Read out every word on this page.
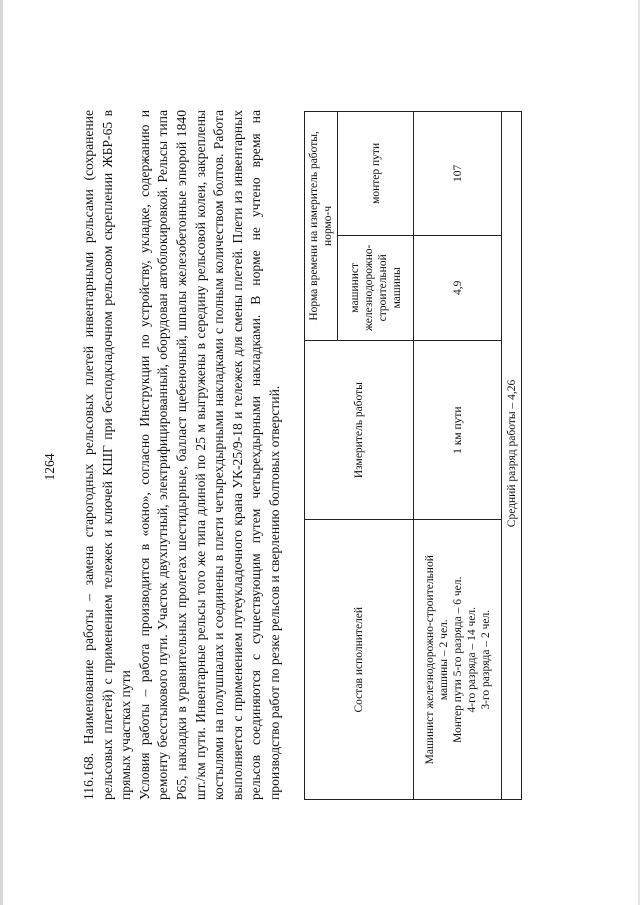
1264 116.168. Наименование работы – замена старогодных рельсовых плетей инвентарными рельсами (сохранение рельсовых плетей) с применением тележек и ключей КШГ при бесподкладочном рельсовом скреплении ЖБР-65 в прямых участках пути Условия работы – работа производится в «окно», согласно Инструкции по устройству, укладке, содержанию и ремонту бесстыкового пути. Участок двухпутный, электрифицированный, оборудован автоблокировкой. Рельсы типа Р65, накладки в уравнительных пролетах шестидырные, балласт щебеночный, шпалы железобетонные эпюрой 1840 шт./км пути. Инвентарные рельсы того же типа длиной по 25 м выгружены в середину рельсовой колеи, закреплены костылями на полушпалах и соединены в плети четырехдырными накладками с полным количеством болтов. Работа выполняется с применением путеукладочного крана УК-25/9-18 и тележек для смены плетей. Плети из инвентарных рельсов соединяются с существующим путем четырехдырными накладками. В норме не учтено время на производство работ по резке рельсов и сверлению болтовых отверстий.	Состав исполнителей	Измеритель работы	Норма времени на измеритель работы, нормо-ч	
		машинист железнодорожно-строительной машины	монтер пути

Машинист железнодорожно-строительной машины – 2 чел. Монтер пути 5-го разряда – 6 чел. 4-го разряда – 14 чел. 3-го разряда – 2 чел.	1 км пути	4,9	107
Средний разряд работы – 4,26			
